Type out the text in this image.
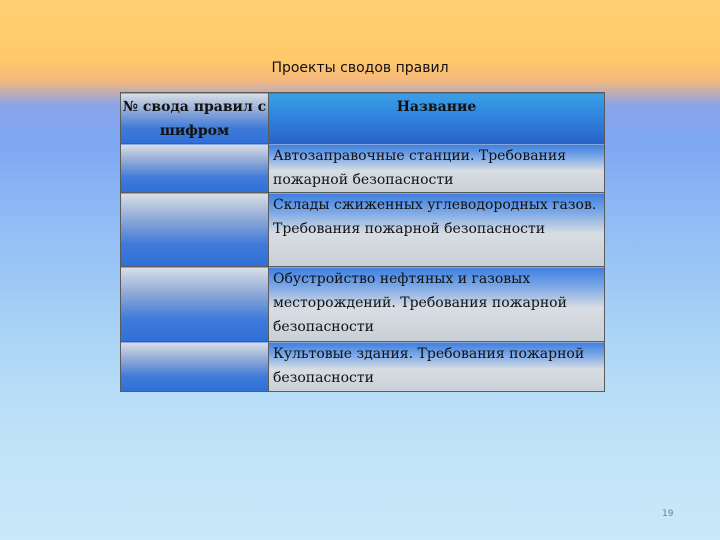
Проекты сводов правил
№ свода правил с шифром	Название

	Автозаправочные станции. Требования пожарной безопасности

	Склады сжиженных углеводородных газов. Требования пожарной безопасности

	Обустройство нефтяных и газовых месторождений. Требования пожарной безопасности

	Культовые здания. Требования пожарной безопасности
19
